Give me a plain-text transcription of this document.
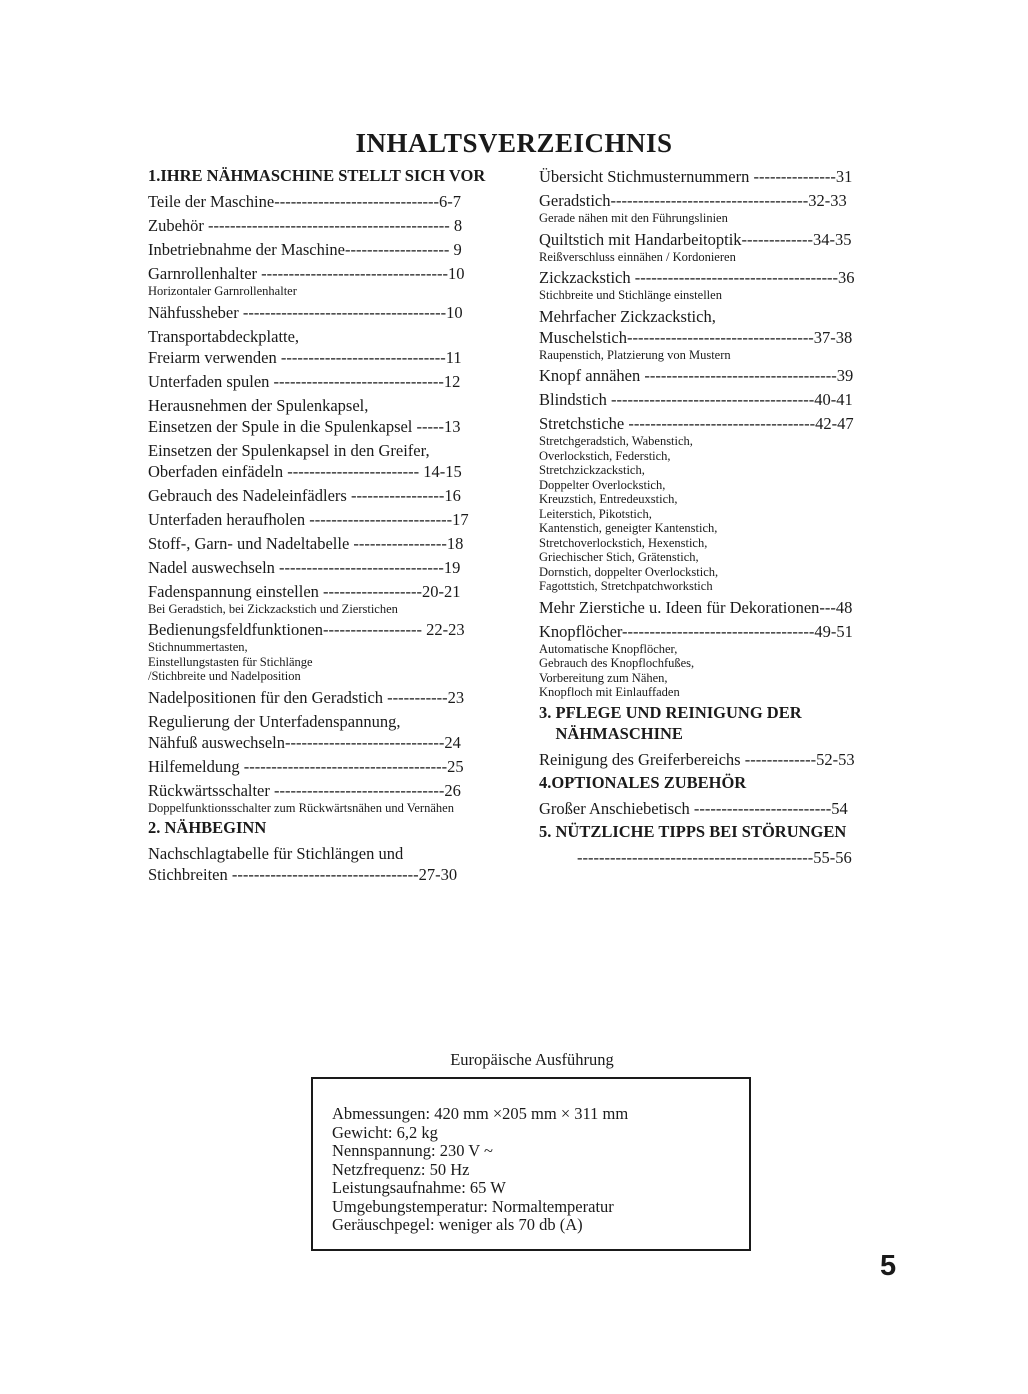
INHALTSVERZEICHNIS
1.IHRE NÄHMASCHINE STELLT SICH VOR
Teile der Maschine------------------------------6-7
Zubehör -------------------------------------------- 8
Inbetriebnahme der Maschine------------------- 9
Garnrollenhalter ----------------------------------10
Horizontaler Garnrollenhalter
Nähfussheber -------------------------------------10
Transportabdeckplatte,
Freiarm verwenden ------------------------------11
Unterfaden spulen -------------------------------12
Herausnehmen der Spulenkapsel,
Einsetzen der Spule in die Spulenkapsel -----13
Einsetzen der Spulenkapsel in den Greifer,
Oberfaden einfädeln ------------------------ 14-15
Gebrauch des Nadeleinfädlers -----------------16
Unterfaden heraufholen --------------------------17
Stoff-, Garn- und Nadeltabelle -----------------18
Nadel auswechseln ------------------------------19
Fadenspannung einstellen ------------------20-21
Bei Geradstich, bei Zickzackstich und Zierstichen
Bedienungsfeldfunktionen------------------ 22-23
Stichnummertasten,
Einstellungstasten für Stichlänge
/Stichbreite und Nadelposition
Nadelpositionen für den Geradstich -----------23
Regulierung der Unterfadenspannung,
Nähfuß auswechseln-----------------------------24
Hilfemeldung -------------------------------------25
Rückwärtsschalter -------------------------------26
Doppelfunktionsschalter zum Rückwärtsnähen und Vernähen
2. NÄHBEGINN
Nachschlagtabelle für Stichlängen und
Stichbreiten ----------------------------------27-30
Übersicht Stichmusternummern ---------------31
Geradstich------------------------------------32-33
Gerade nähen mit den Führungslinien
Quiltstich mit Handarbeitoptik-------------34-35
Reißverschluss einnähen / Kordonieren
Zickzackstich -------------------------------------36
Stichbreite und Stichlänge einstellen
Mehrfacher Zickzackstich,
Muschelstich----------------------------------37-38
Raupenstich, Platzierung von Mustern
Knopf annähen -----------------------------------39
Blindstich -------------------------------------40-41
Stretchstiche ----------------------------------42-47
Stretchgeradstich, Wabenstich,
Overlockstich, Federstich,
Stretchzickzackstich,
Doppelter Overlockstich,
Kreuzstich, Entredeuxstich,
Leiterstich, Pikotstich,
Kantenstich, geneigter Kantenstich,
Stretchoverlockstich, Hexenstich,
Griechischer Stich, Grätenstich,
Dornstich, doppelter Overlockstich,
Fagottstich, Stretchpatchworkstich
Mehr Zierstiche u. Ideen für Dekorationen---48
Knopflöcher-----------------------------------49-51
Automatische Knopflöcher,
Gebrauch des Knopflochfußes,
Vorbereitung zum Nähen,
Knopfloch mit Einlauffaden
3. PFLEGE UND REINIGUNG DER
NÄHMASCHINE
Reinigung des Greiferbereichs -------------52-53
4.OPTIONALES ZUBEHÖR
Großer Anschiebetisch -------------------------54
5. NÜTZLICHE TIPPS BEI STÖRUNGEN
-------------------------------------------55-56
Europäische Ausführung
Abmessungen: 420 mm ×205 mm × 311 mm
Gewicht: 6,2 kg
Nennspannung: 230 V ~
Netzfrequenz: 50 Hz
Leistungsaufnahme: 65 W
Umgebungstemperatur: Normaltemperatur
Geräuschpegel: weniger als 70 db (A)
5
